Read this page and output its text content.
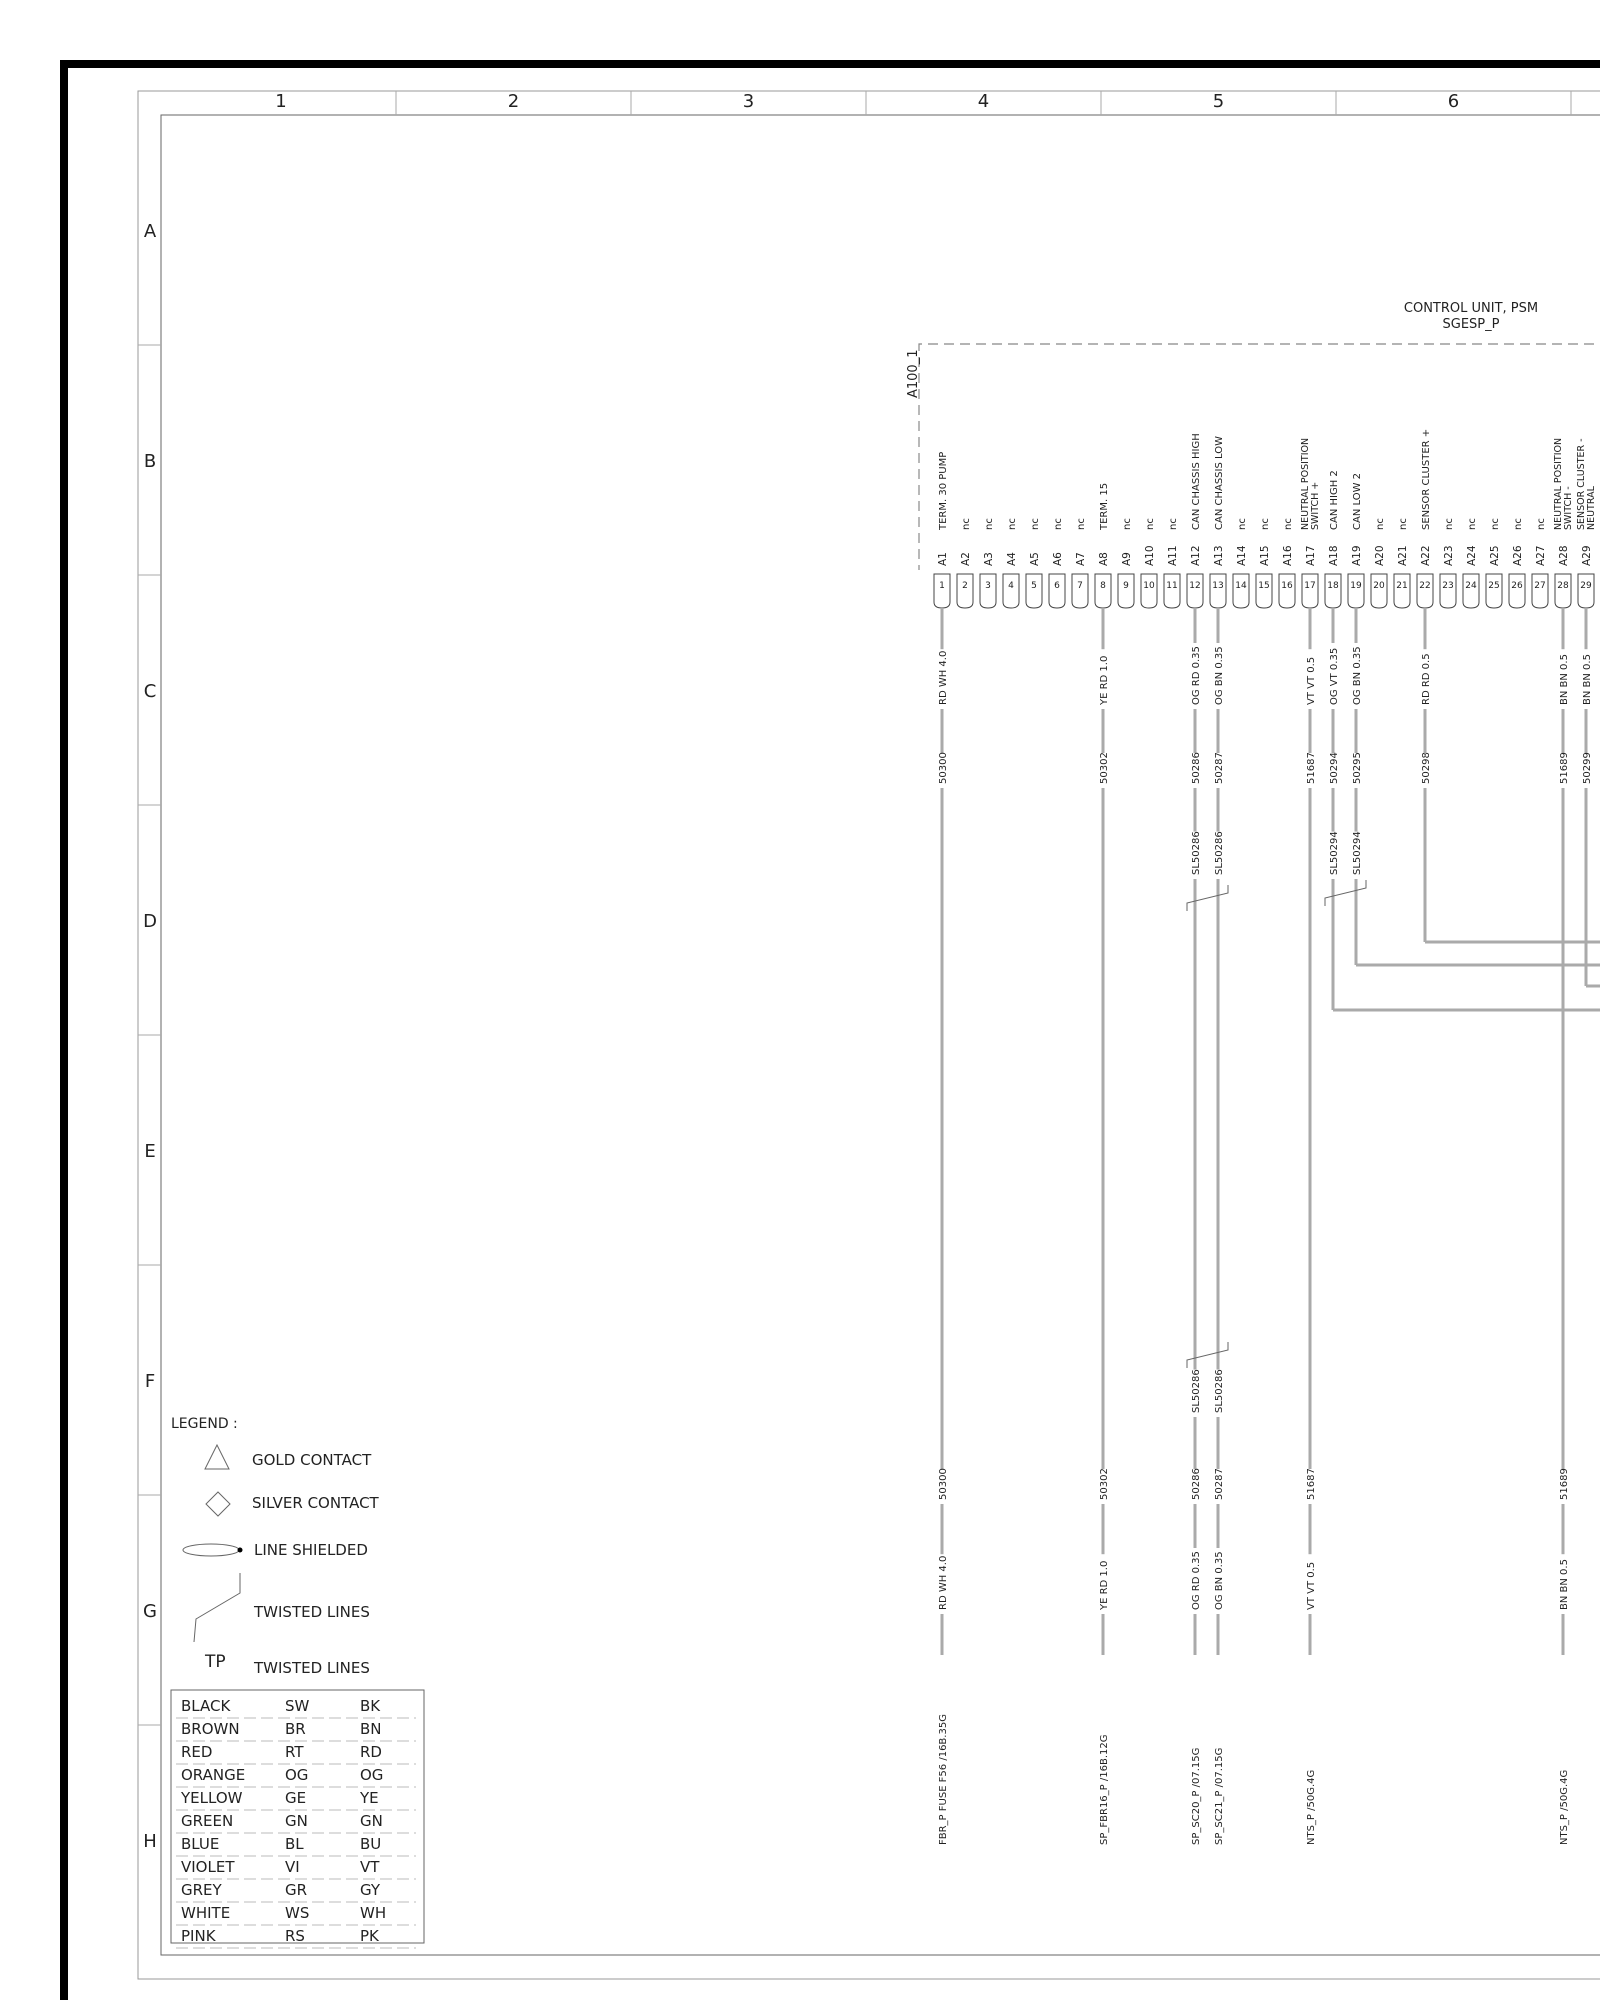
1	2	3	4	5	6
A
B
C
D
E
F
G
H
CONTROL UNIT, PSM
SGESP_P
A100_1
1
A1
TERM. 30 PUMP
2
A2
nc
3
A3
nc
4
A4
nc
5
A5
nc
6
A6
nc
7
A7
nc
8
A8
TERM. 15
9
A9
nc
10
A10
nc
11
A11
nc
12
A12
CAN CHASSIS HIGH
13
A13
CAN CHASSIS LOW
14
A14
nc
15
A15
nc
16
A16
nc
17
A17
NEUTRAL POSITIONSWITCH +
18
A18
CAN HIGH 2
19
A19
CAN LOW 2
20
A20
nc
21
A21
nc
22
A22
SENSOR CLUSTER +
23
A23
nc
24
A24
nc
25
A25
nc
26
A26
nc
27
A27
nc
28
A28
NEUTRAL POSITIONSWITCH -
29
A29
SENSOR CLUSTER -NEUTRAL
RD WH 4.0
50300
50300
RD WH 4.0
FBR_P FUSE F56 /16B.35G
YE RD 1.0
50302
50302
YE RD 1.0
SP_FBR16_P /16B.12G
OG RD 0.35
50286
SL50286
SL50286
50286
OG RD 0.35
SP_SC20_P /07.15G
OG BN 0.35
50287
SL50286
SL50286
50287
OG BN 0.35
SP_SC21_P /07.15G
VT VT 0.5
51687
51687
VT VT 0.5
NTS_P /50G.4G
OG VT 0.35
50294
SL50294
OG BN 0.35
50295
SL50294
RD RD 0.5
50298
BN BN 0.5
51689
51689
BN BN 0.5
NTS_P /50G.4G
BN BN 0.5
50299
LEGEND :
GOLD CONTACT
SILVER CONTACT
LINE SHIELDED
TWISTED LINES
TP TWISTED LINES
BLACK	SW	BK
BROWN	BR	BN
RED	RT	RD
ORANGE	OG	OG
YELLOW	GE	YE
GREEN	GN	GN
BLUE	BL	BU
VIOLET	VI	VT
GREY	GR	GY
WHITE	WS	WH
PINK	RS	PK
